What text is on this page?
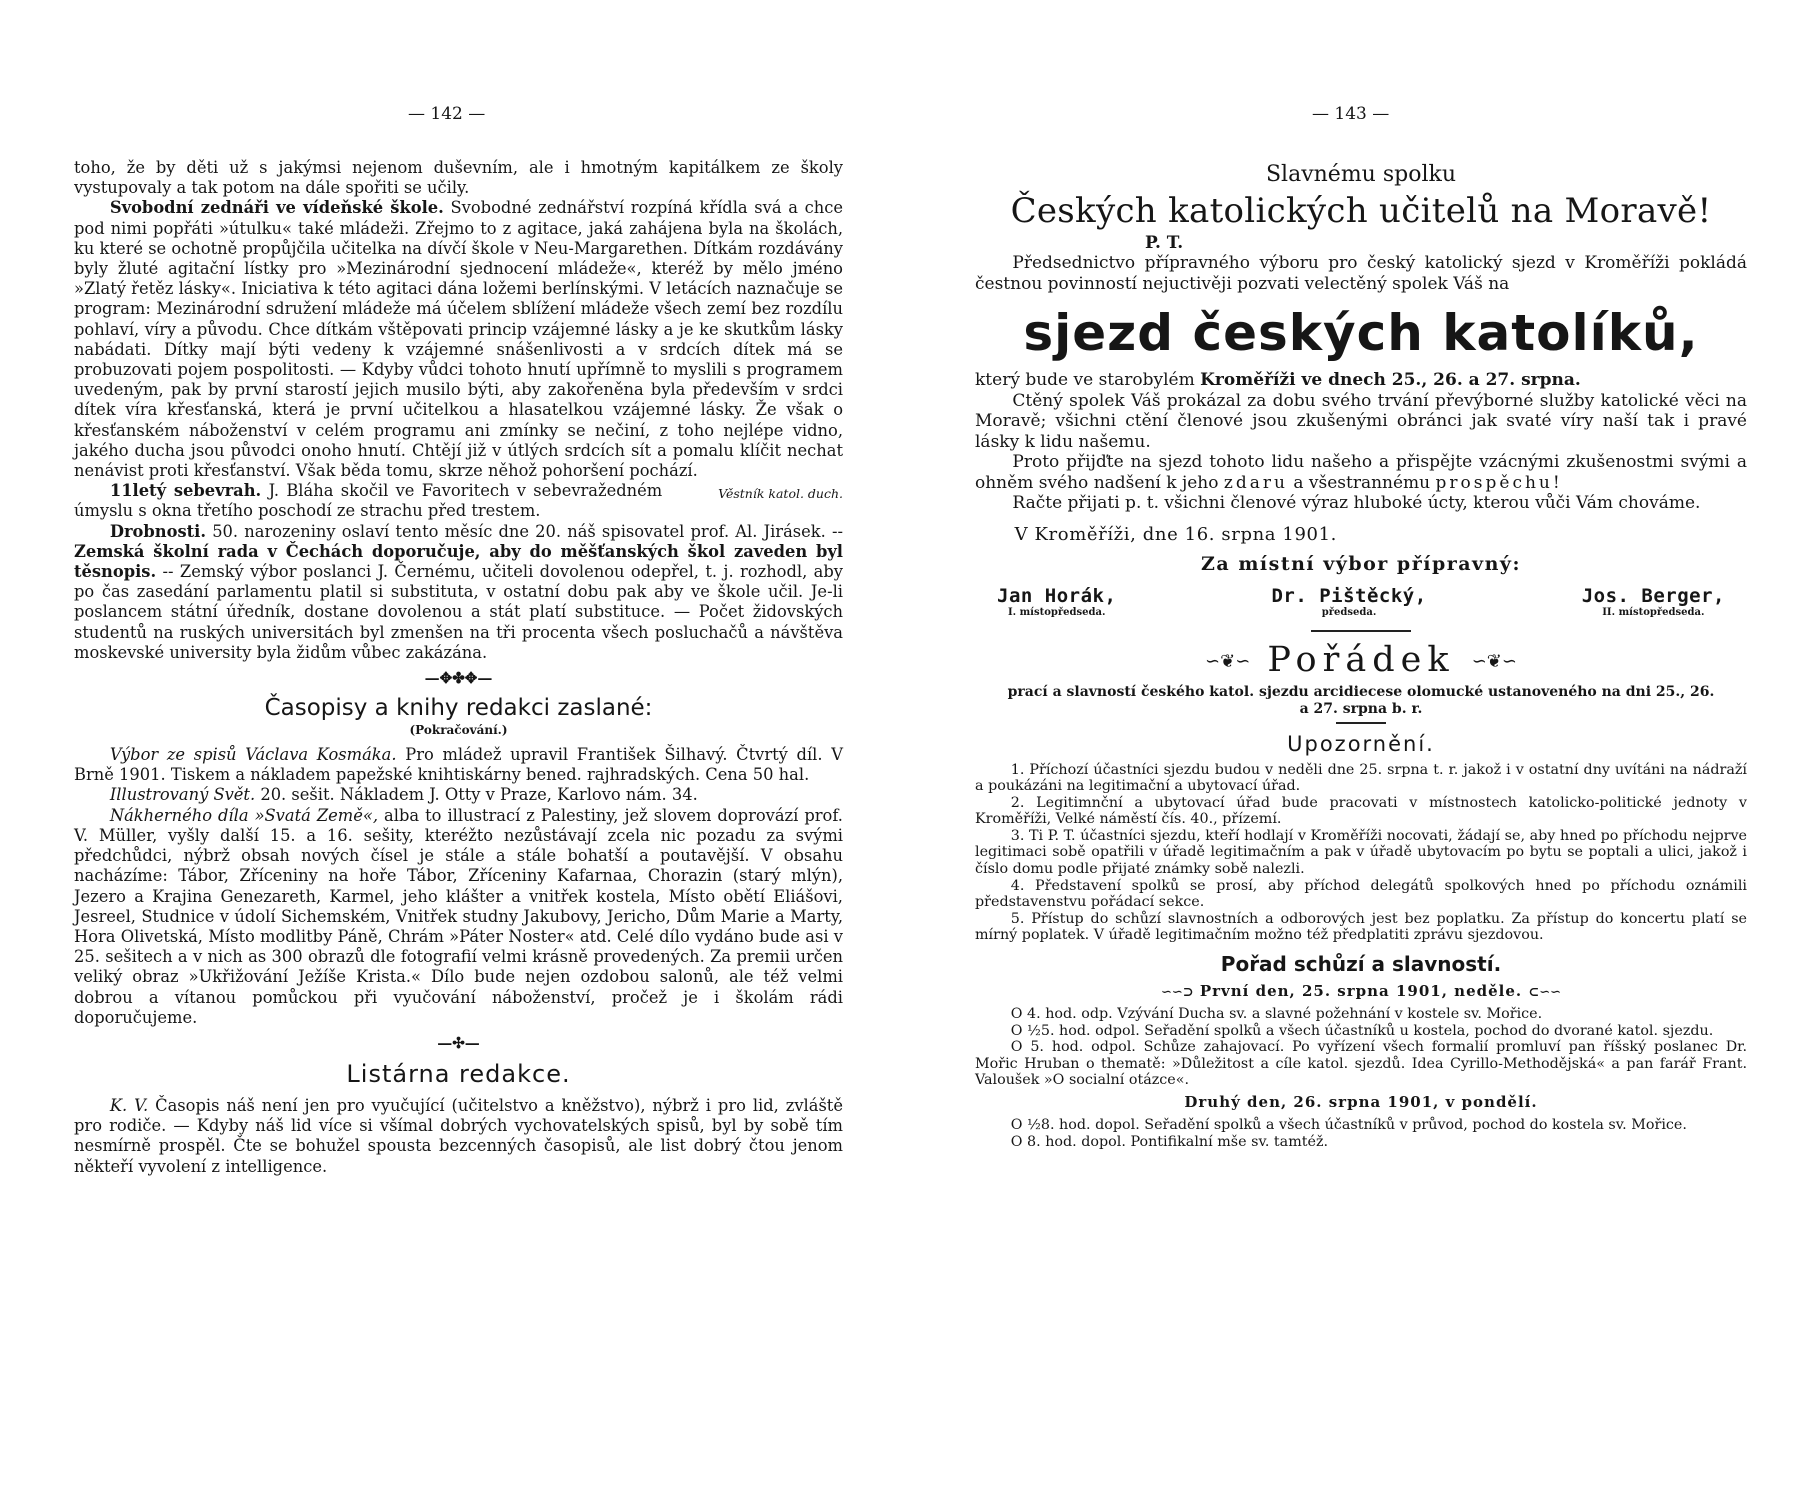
— 142 —

toho, že by děti už s jakýmsi nejenom duševním, ale i hmotným kapitálkem ze školy vystupovaly a tak potom na dále spořiti se učily.

Svobodní zednáři ve vídeňské škole. Svobodné zednářství rozpíná křídla svá a chce pod nimi popřáti »útulku« také mládeži. Zřejmo to z agitace, jaká zahájena byla na školách, ku které se ochotně propůjčila učitelka na dívčí škole v Neu-Margarethen. Dítkám rozdávány byly žluté agitační lístky pro »Mezinárodní sjednocení mládeže«, kteréž by mělo jméno »Zlatý řetěz lásky«. Iniciativa k této agitaci dána ložemi berlínskými. V letácích naznačuje se program: Mezinárodní sdružení mládeže má účelem sblížení mládeže všech zemí bez rozdílu pohlaví, víry a původu. Chce dítkám vštěpovati princip vzájemné lásky a je ke skutkům lásky nabádati. Dítky mají býti vedeny k vzájemné snášenlivosti a v srdcích dítek má se probuzovati pojem pospolitosti. — Kdyby vůdci tohoto hnutí upřímně to myslili s programem uvedeným, pak by první starostí jejich musilo býti, aby zakořeněna byla především v srdci dítek víra křesťanská, která je první učitelkou a hlasatelkou vzájemné lásky. Že však o křesťanském náboženství v celém programu ani zmínky se nečiní, z toho nejlépe vidno, jakého ducha jsou původci onoho hnutí. Chtějí již v útlých srdcích sít a pomalu klíčit nechat nenávist proti křesťanství. Však běda tomu, skrze něhož pohoršení pochází.
Věstník katol. duch.

11letý sebevrah. J. Bláha skočil ve Favoritech v sebevražedném úmyslu s okna třetího poschodí ze strachu před trestem.

Drobnosti. 50. narozeniny oslaví tento měsíc dne 20. náš spisovatel prof. Al. Jirásek. -- Zemská školní rada v Čechách doporučuje, aby do měšťanských škol zaveden byl těsnopis. -- Zemský výbor poslanci J. Černému, učiteli dovolenou odepřel, t. j. rozhodl, aby po čas zasedání parlamentu platil si substituta, v ostatní dobu pak aby ve škole učil. Je-li poslancem státní úředník, dostane dovolenou a stát platí substituce. — Počet židovských studentů na ruských universitách byl zmenšen na tři procenta všech posluchačů a návštěva moskevské university byla židům vůbec zakázána.

—✥✤✥—
Časopisy a knihy redakci zaslané:
(Pokračování.)

Výbor ze spisů Václava Kosmáka. Pro mládež upravil František Šilhavý. Čtvrtý díl. V Brně 1901. Tiskem a nákladem papežské knihtiskárny bened. rajhradských. Cena 50 hal.

Illustrovaný Svět. 20. sešit. Nákladem J. Otty v Praze, Karlovo nám. 34.

Nákherného díla »Svatá Země«, alba to illustrací z Palestiny, jež slovem doprovází prof. V. Müller, vyšly další 15. a 16. sešity, kteréžto nezůstávají zcela nic pozadu za svými předchůdci, nýbrž obsah nových čísel je stále a stále bohatší a poutavější. V obsahu nacházíme: Tábor, Zříceniny na hoře Tábor, Zříceniny Kafarnaa, Chorazin (starý mlýn), Jezero a Krajina Genezareth, Karmel, jeho klášter a vnitřek kostela, Místo obětí Eliášovi, Jesreel, Studnice v údolí Sichemském, Vnitřek studny Jakubovy, Jericho, Dům Marie a Marty, Hora Olivetská, Místo modlitby Páně, Chrám »Páter Noster« atd. Celé dílo vydáno bude asi v 25. sešitech a v nich as 300 obrazů dle fotografií velmi krásně provedených. Za premii určen veliký obraz »Ukřižování Ježíše Krista.« Dílo bude nejen ozdobou salonů, ale též velmi dobrou a vítanou pomůckou při vyučování náboženství, pročež je i školám rádi doporučujeme.

—✣—
Listárna redakce.

K. V. Časopis náš není jen pro vyučující (učitelstvo a kněžstvo), nýbrž i pro lid, zvláště pro rodiče. — Kdyby náš lid více si všímal dobrých vychovatelských spisů, byl by sobě tím nesmírně prospěl. Čte se bohužel spousta bezcenných časopisů, ale list dobrý čtou jenom někteří vyvolení z intelligence.

— 143 —
Slavnému spolku
Českých katolických učitelů na Moravě!
P. T.

Předsednictvo přípravného výboru pro český katolický sjezd v Kroměříži pokládá čestnou povinností nejuctivěji pozvati velectěný spolek Váš na

sjezd českých katolíků,

který bude ve starobylém Kroměříži ve dnech 25., 26. a 27. srpna.

Ctěný spolek Váš prokázal za dobu svého trvání převýborné služby katolické věci na Moravě; všichni ctění členové jsou zkušenými obránci jak svaté víry naší tak i pravé lásky k lidu našemu.

Proto přijďte na sjezd tohoto lidu našeho a přispějte vzácnými zkušenostmi svými a ohněm svého nadšení k jeho zdaru a všestrannému prospěchu!

Račte přijati p. t. všichni členové výraz hluboké úcty, kterou vůči Vám chováme.

V Kroměříži, dne 16. srpna 1901.
Za místní výbor přípravný:
Jan Horák,
I. místopředseda.
Dr. Pištěcký,
předseda.
Jos. Berger,
II. místopředseda.
∽❦∽ Pořádek ∽❦∽
prací a slavností českého katol. sjezdu arcidiecese olomucké ustanoveného na dni 25., 26. a 27. srpna b. r.
Upozornění.

1. Příchozí účastníci sjezdu budou v neděli dne 25. srpna t. r. jakož i v ostatní dny uvítáni na nádraží a poukázáni na legitimační a ubytovací úřad.

2. Legitimnční a ubytovací úřad bude pracovati v místnostech katolicko-politické jednoty v Kroměříži, Velké náměstí čís. 40., přízemí.

3. Ti P. T. účastníci sjezdu, kteří hodlají v Kroměříži nocovati, žádají se, aby hned po příchodu nejprve legitimaci sobě opatřili v úřadě legitimačním a pak v úřadě ubytovacím po bytu se poptali a ulici, jakož i číslo domu podle přijaté známky sobě nalezli.

4. Představení spolků se prosí, aby příchod delegátů spolkových hned po příchodu oznámili představenstvu pořádací sekce.

5. Přístup do schůzí slavnostních a odborových jest bez poplatku. Za přístup do koncertu platí se mírný poplatek. V úřadě legitimačním možno též předplatiti zprávu sjezdovou.

Pořad schůzí a slavností.
∽∽⊃ První den, 25. srpna 1901, neděle. ⊂∽∽

O 4. hod. odp. Vzývání Ducha sv. a slavné požehnání v kostele sv. Mořice.

O ½5. hod. odpol. Seřadění spolků a všech účastníků u kostela, pochod do dvorané katol. sjezdu.

O 5. hod. odpol. Schůze zahajovací. Po vyřízení všech formalií promluví pan říšský poslanec Dr. Mořic Hruban o thematě: »Důležitost a cíle katol. sjezdů. Idea Cyrillo-Methodějská« a pan farář Frant. Valoušek »O socialní otázce«.

Druhý den, 26. srpna 1901, v pondělí.

O ½8. hod. dopol. Seřadění spolků a všech účastníků v průvod, pochod do kostela sv. Mořice.

O 8. hod. dopol. Pontifikalní mše sv. tamtéž.
